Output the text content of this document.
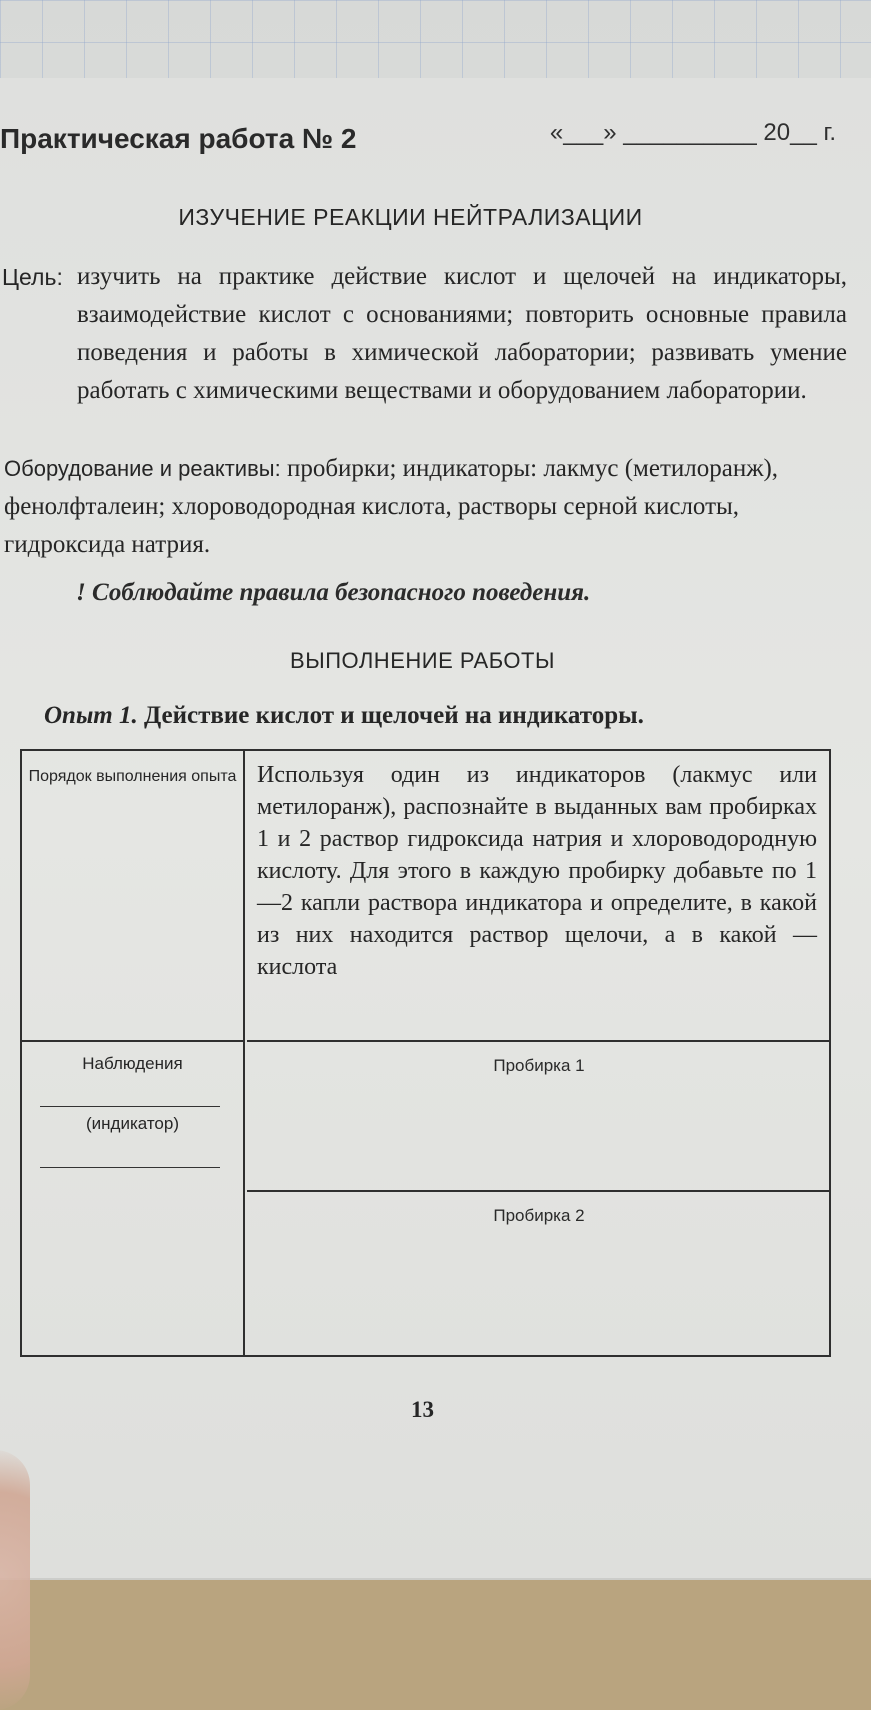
Практическая работа № 2	«___» __________ 20__ г.
ИЗУЧЕНИЕ РЕАКЦИИ НЕЙТРАЛИЗАЦИИ
Цель: изучить на практике действие кислот и щелочей на индикаторы, взаимодействие кислот с основаниями; повторить основные правила поведения и работы в химической лаборатории; развивать умение работать с химическими веществами и оборудованием лаборатории.

Оборудование и реактивы: пробирки; индикаторы: лакмус (метилоранж), фенолфталеин; хлороводородная кислота, растворы серной кислоты, гидроксида натрия.
! Соблюдайте правила безопасного поведения.
ВЫПОЛНЕНИЕ РАБОТЫ
Опыт 1. Действие кислот и щелочей на индикаторы.
Порядок выполнения опыта Используя один из индикаторов (лакмус или метилоранж), распознайте в выданных вам пробирках 1 и 2 раствор гидроксида натрия и хлороводородную кислоту. Для этого в каждую пробирку добавьте по 1—2 капли раствора индикатора и определите, в какой из них находится раствор щелочи, а в какой — кислота
Наблюдения
(индикатор)
Пробирка 1
Пробирка 2
13
